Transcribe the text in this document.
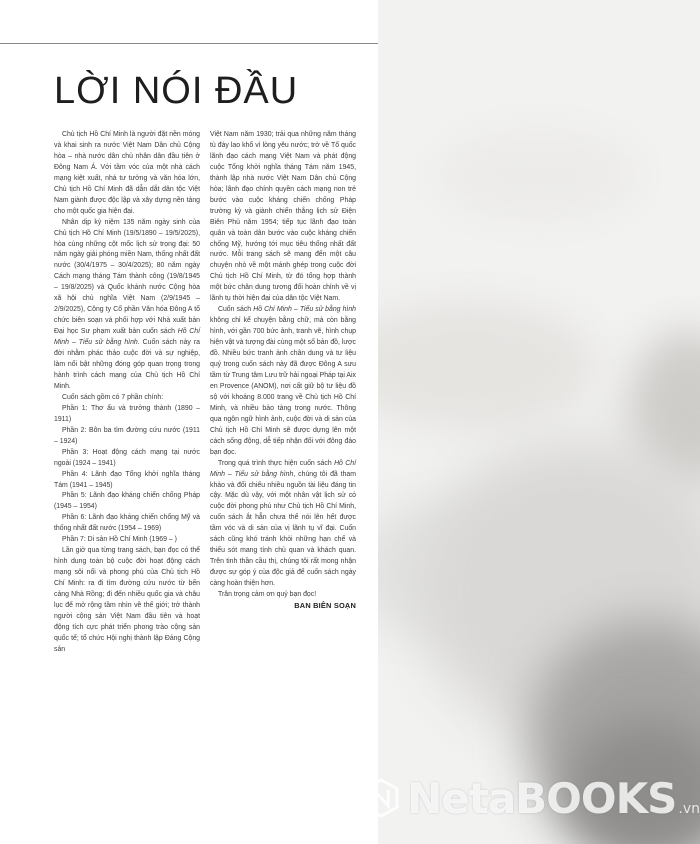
LỜI NÓI ĐẦU

Chủ tịch Hồ Chí Minh là người đặt nền móng và khai sinh ra nước Việt Nam Dân chủ Cộng hòa – nhà nước dân chủ nhân dân đầu tiên ở Đông Nam Á. Với tầm vóc của một nhà cách mạng kiệt xuất, nhà tư tưởng và văn hóa lớn, Chủ tịch Hồ Chí Minh đã dẫn dắt dân tộc Việt Nam giành được độc lập và xây dựng nền tảng cho một quốc gia hiện đại.

Nhân dịp kỷ niệm 135 năm ngày sinh của Chủ tịch Hồ Chí Minh (19/5/1890 – 19/5/2025), hòa cùng những cột mốc lịch sử trọng đại: 50 năm ngày giải phóng miền Nam, thống nhất đất nước (30/4/1975 – 30/4/2025); 80 năm ngày Cách mạng tháng Tám thành công (19/8/1945 – 19/8/2025) và Quốc khánh nước Cộng hòa xã hội chủ nghĩa Việt Nam (2/9/1945 – 2/9/2025), Công ty Cổ phần Văn hóa Đông A tổ chức biên soạn và phối hợp với Nhà xuất bản Đại học Sư phạm xuất bản cuốn sách Hồ Chí Minh – Tiểu sử bằng hình. Cuốn sách này ra đời nhằm phác thảo cuộc đời và sự nghiệp, làm nổi bật những đóng góp quan trọng trong hành trình cách mạng của Chủ tịch Hồ Chí Minh.

Cuốn sách gồm có 7 phần chính:

Phần 1: Thơ ấu và trưởng thành (1890 – 1911)

Phần 2: Bôn ba tìm đường cứu nước (1911 – 1924)

Phần 3: Hoạt động cách mạng tại nước ngoài (1924 – 1941)

Phần 4: Lãnh đạo Tổng khởi nghĩa tháng Tám (1941 – 1945)

Phần 5: Lãnh đạo kháng chiến chống Pháp (1945 – 1954)

Phần 6: Lãnh đạo kháng chiến chống Mỹ và thống nhất đất nước (1954 – 1969)

Phần 7: Di sản Hồ Chí Minh (1969 – )

Lần giở qua từng trang sách, bạn đọc có thể hình dung toàn bộ cuộc đời hoạt động cách mạng sôi nổi và phong phú của Chủ tịch Hồ Chí Minh: ra đi tìm đường cứu nước từ bến cảng Nhà Rồng; đi đến nhiều quốc gia và châu lục để mở rộng tầm nhìn về thế giới; trở thành người cộng sản Việt Nam đầu tiên và hoạt động tích cực phát triển phong trào cộng sản quốc tế; tổ chức Hội nghị thành lập Đảng Cộng sản

Việt Nam năm 1930; trải qua những năm tháng tù đày lao khổ vì lòng yêu nước; trở về Tổ quốc lãnh đạo cách mạng Việt Nam và phát động cuộc Tổng khởi nghĩa tháng Tám năm 1945, thành lập nhà nước Việt Nam Dân chủ Cộng hòa; lãnh đạo chính quyền cách mạng non trẻ bước vào cuộc kháng chiến chống Pháp trường kỳ và giành chiến thắng lịch sử Điện Biên Phủ năm 1954; tiếp tục lãnh đạo toàn quân và toàn dân bước vào cuộc kháng chiến chống Mỹ, hướng tới mục tiêu thống nhất đất nước. Mỗi trang sách sẽ mang đến một câu chuyện nhỏ về một mảnh ghép trong cuộc đời Chủ tịch Hồ Chí Minh, từ đó tổng hợp thành một bức chân dung tương đối hoàn chỉnh về vị lãnh tụ thời hiện đại của dân tộc Việt Nam.

Cuốn sách Hồ Chí Minh – Tiểu sử bằng hình không chỉ kể chuyện bằng chữ, mà còn bằng hình, với gần 700 bức ảnh, tranh vẽ, hình chụp hiện vật và tượng đài cùng một số bản đồ, lược đồ. Nhiều bức tranh ảnh chân dung và tư liệu quý trong cuốn sách này đã được Đông A sưu tầm từ Trung tâm Lưu trữ hải ngoại Pháp tại Aix en Provence (ANOM), nơi cất giữ bộ tư liệu đồ sộ với khoảng 8.000 trang về Chủ tịch Hồ Chí Minh, và nhiều bảo tàng trong nước. Thông qua ngôn ngữ hình ảnh, cuộc đời và di sản của Chủ tịch Hồ Chí Minh sẽ được dựng lên một cách sống động, dễ tiếp nhận đối với đông đảo bạn đọc.

Trong quá trình thực hiện cuốn sách Hồ Chí Minh – Tiểu sử bằng hình, chúng tôi đã tham khảo và đối chiếu nhiều nguồn tài liệu đáng tin cậy. Mặc dù vậy, với một nhân vật lịch sử có cuộc đời phong phú như Chủ tịch Hồ Chí Minh, cuốn sách ắt hẳn chưa thể nói lên hết được tầm vóc và di sản của vị lãnh tụ vĩ đại. Cuốn sách cũng khó tránh khỏi những hạn chế và thiếu sót mang tính chủ quan và khách quan. Trên tinh thần cầu thị, chúng tôi rất mong nhận được sự góp ý của độc giả để cuốn sách ngày càng hoàn thiện hơn.

Trân trọng cảm ơn quý bạn đọc!

BAN BIÊN SOẠN

NetaBOOKS .vn
